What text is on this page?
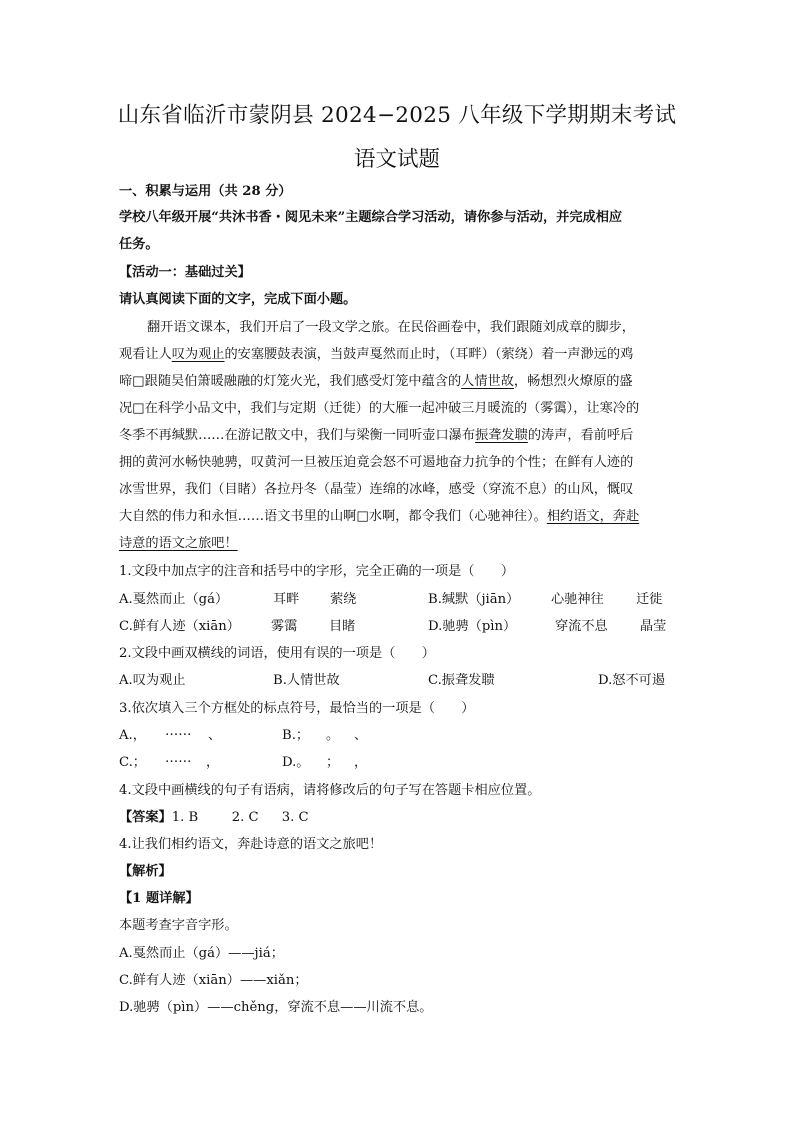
山东省临沂市蒙阴县 2024−2025 八年级下学期期末考试
语文试题
一、积累与运用（共 28 分）
学校八年级开展“共沐书香・阅见未来”主题综合学习活动，请你参与活动，并完成相应
任务。
【活动一：基础过关】
请认真阅读下面的文字，完成下面小题。
翻开语文课本，我们开启了一段文学之旅。在民俗画卷中，我们跟随刘成章的脚步，
观看让人叹为观止的安塞腰鼓表演，当鼓声戛然而止时，（耳畔）（萦绕）着一声渺远的鸡
啼□跟随吴伯箫暖融融的灯笼火光，我们感受灯笼中蕴含的人情世故，畅想烈火燎原的盛
况□在科学小品文中，我们与定期（迁徙）的大雁一起冲破三月暖流的（雾霭），让寒冷的
冬季不再缄默……在游记散文中，我们与梁衡一同听壶口瀑布振聋发聩的涛声，看前呼后
拥的黄河水畅快驰骋，叹黄河一旦被压迫竟会怒不可遏地奋力抗争的个性；在鲜有人迹的
冰雪世界，我们（目睹）各拉丹冬（晶莹）连绵的冰峰，感受（穿流不息）的山风，慨叹
大自然的伟力和永恒……语文书里的山啊□水啊，都令我们（心驰神往）。相约语文，奔赴
诗意的语文之旅吧！
1.文段中加点字的注音和括号中的字形，完全正确的一项是（　　）
A.戛然而止（gá）	耳畔 萦绕	B.缄默（jiān） 心驰神往 迁徙
C.鲜有人迹（xiān） 雾霭 目睹	D.驰骋（pìn）	穿流不息 晶莹
2.文段中画双横线的词语，使用有误的一项是（　　）
A.叹为观止	B.人情世故	C.振聋发聩	D.怒不可遏
3.依次填入三个方框处的标点符号，最恰当的一项是（　　）
A.， …… 、	B.； 。 、
C.； …… ，	D.。 ； ，
4.文段中画横线的句子有语病，请将修改后的句子写在答题卡相应位置。
【答案】1. B	2. C 3. C
4.让我们相约语文，奔赴诗意的语文之旅吧！
【解析】
【1 题详解】
本题考查字音字形。
A.戛然而止（gá）——jiá；
C.鲜有人迹（xiān）——xiǎn；
D.驰骋（pìn）——chěng，穿流不息——川流不息。
